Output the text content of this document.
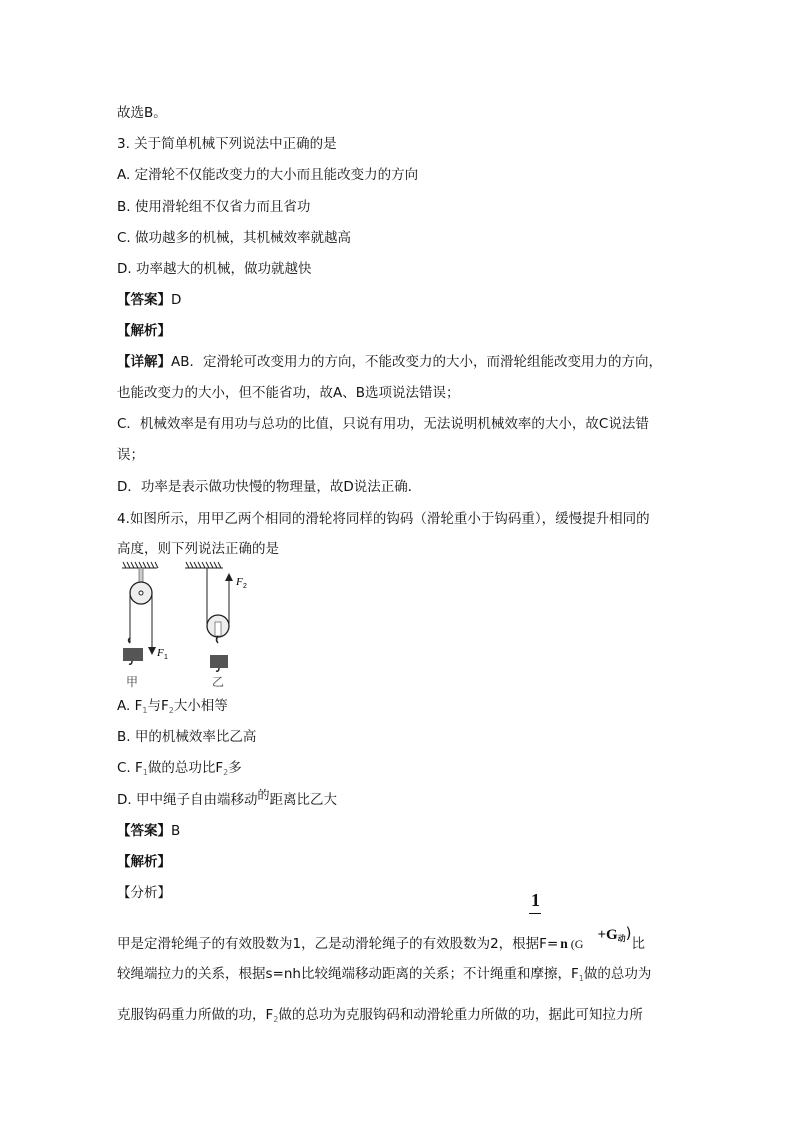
故选B。
3. 关于简单机械下列说法中正确的是
A. 定滑轮不仅能改变力的大小而且能改变力的方向
B. 使用滑轮组不仅省力而且省功
C. 做功越多的机械，其机械效率就越高
D. 功率越大的机械，做功就越快
【答案】D
【解析】
【详解】AB．定滑轮可改变用力的方向，不能改变力的大小，而滑轮组能改变用力的方向，
也能改变力的大小，但不能省功，故A、B选项说法错误；
C．机械效率是有用功与总功的比值，只说有用功，无法说明机械效率的大小，故C说法错
误；
D．功率是表示做功快慢的物理量，故D说法正确．
4.如图所示，用甲乙两个相同的滑轮将同样的钩码（滑轮重小于钩码重），缓慢提升相同的
高度，则下列说法正确的是
F 1
F 2
甲	乙
A. $F_1$与$F_2$大小相等
B. 甲的机械效率比乙高
C. $F_1$做的总功比$F_2$多
D. 甲中绳子自由端移动的距离比乙大
【答案】B
【解析】
【分析】	1
甲是定滑轮绳子的有效股数为1，乙是动滑轮绳子的有效股数为2，根据F= n $(G+G^动)$比
较绳端拉力的关系，根据s=nh比较绳端移动距离的关系；不计绳重和摩擦，$F_1$做的总功为
克服钩码重力所做的功，$F_2$做的总功为克服钩码和动滑轮重力所做的功，据此可知拉力所
